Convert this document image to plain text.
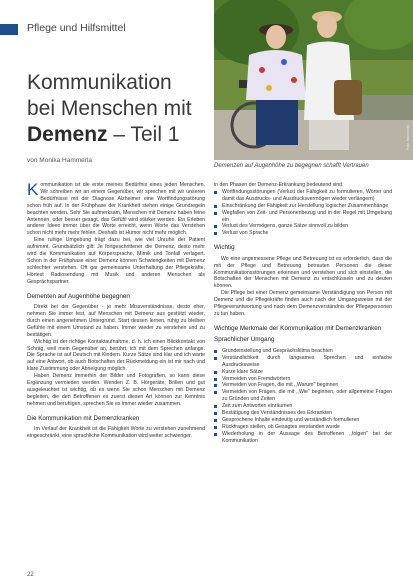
Pflege und Hilfsmittel
Kommunikation
bei Menschen mit
Demenz – Teil 1
von Monika Hammerla
Foto: Hammerla
Demenzen auf Augenhöhe zu begegnen schafft Vertrauen

Kommunikation ist die erste meines Bedürfnis eines jeden Menschen. Wir schreiben wir an einem Gegenüber, wir sprechen mit wir unseren Bedürfnisse mit der Diagnose Alzheimer eine Wortfindungsstörung schon früh auf. In der Frühphase der Krankheit stehen einige Grundregeln beachten werden. Sehr Sie aufmerksam, Menschen mit Demenz haben feine Antennen, oder besser gesagt, das Gefühl wird stärker werden. Ein Erleben anderer Ideen immer über die Worte erreicht, wenn Worte das Verstehen schon nicht mehr mehr fehlen. Deshalb ist Humor nicht mehr möglich.

Eine ruhige Umgebung trägt dazu bei, wie viel Unruhe der Patient aufnimmt. Grundsätzlich gilt: Je fortgeschrittener die Demenz, desto mehr wird die Kommunikation auf Körpersprache, Mimik und Tonfall verlagert. Schon in der Frühphase einer Demenz können Schwierigkeiten mit Demenz schlechter verstehen. Oft gar gemeinsame Unterhaltung der Pflegekräfte, Hörtest Radiosendung mit Musik und anderen Menschen als Gesprächspartner.

Dementen auf Augenhöhe begegnen

Direkt bei der Gegenüber - je mehr Missverständnisse, desto eher, nehmen Sie immer fest, auf Menschen mit Demenz aus gestützt wieder, durch einen angenehmen Untergrund. Start dessen lernen, ruhig zu bleiben Gefühle mit einem Umstand zu haben. Immer wieder zu verstehen und zu bestätigen.

Wichtig ist der richtige Kontaktaufnahme, d. h. ich einen Blickkontakt von Schräg, weil mein Gegenüber an, berührt, ich mit dem Sprechen anfange. Die Sprache ist auf Deutsch mit Kindern. Kurze Sätze sind klar und ich warte auf eine Antwort, ob auch Botschaften der Rückmeldung ein ist mir nach und klare Zustimmung oder Abneigung möglich.

Haben Demenz immerhin der Bilder und Fotografien, so kann diese Ergänzung vermieden werden. Wenden Z. B. Hörgeräte, Brillen und gut ausgeleuchtet ist wichtig, ob es wenn Sie schon Menschen mit Demenz begleiten, die den Betroffenen es zuerst diesen Art können zur Kenntnis nehmen und beruhigen, sprechen Sie es immer wieder zusammen.

Die Kommunikation mit Demenzkranken

Im Verlauf der Krankheit ist die Fähigkeit Worte zu verstehen zunehmend eingeschränkt, eine sprachliche Kommunikation wird weiter schwieriger.

in den Phasen der Demenz-Erkrankung bedeutend sind.

Wortfindungsstörungen (Verlust der Fähigkeit zu formulieren, Wörter und damit das Ausdrucks- und Ausdrucksvermögen wieder verlängern)
Einschränkung der Fähigkeit zur Herstellung logischer Zusammenhänge
Wegfallen von Zeit- und Personenbezug und in der Regel mit Umgebung ein
Verlust des Vermögens, ganze Sätze sinnvoll zu bilden
Verlust von Sprache
Wichtig

Wo eine angemessene Pflege und Betreuung ist es erforderlich, dass die mit der Pflege und Betreuung betrauten Personen die dieser Kommunikationsstörungen erkennen und verstehen und sich einstellen, die Botschaften der Menschen mit Demenz zu entschlüsseln und zu deuten können.

Die Pflege bei einer Demenz gemeinsame Verständigung von Person mit Demenz und die Pflegekräfte finden auch nach der Umgangsweise mit der Pflegeverantwortung und nach dem Demenzverständnis der Pflegepersonen zu tun haben.

Wichtige Merkmale der Kommunikation mit Demenzkranken
Sprachlicher Umgang
Grundeinstellung und Gesprächsklima beachten
Verständlichkeit durch langsames Sprechen und einfache Ausdrucksweise
Kurze klare Sätze
Vermeiden von Fremdwörtern
Vermeiden von Fragen, die mit ,,Warum'' beginnen
Vermeiden von Fragen, die mit ,,Wie'' beginnen, oder allgemeine Fragen zu Gründen und Zeiten
Zeit zum Antworten einräumen
Bestätigung des Verständnisses des Erkrankten
Gesprochene Inhalte eindeutig und verständlich formulieren
Rückfragen stellen, ob Gesagtes verstanden wurde
Wiederholung in der Aussage des Betroffenen ,,folgen'' bei der Kommunikation
22
